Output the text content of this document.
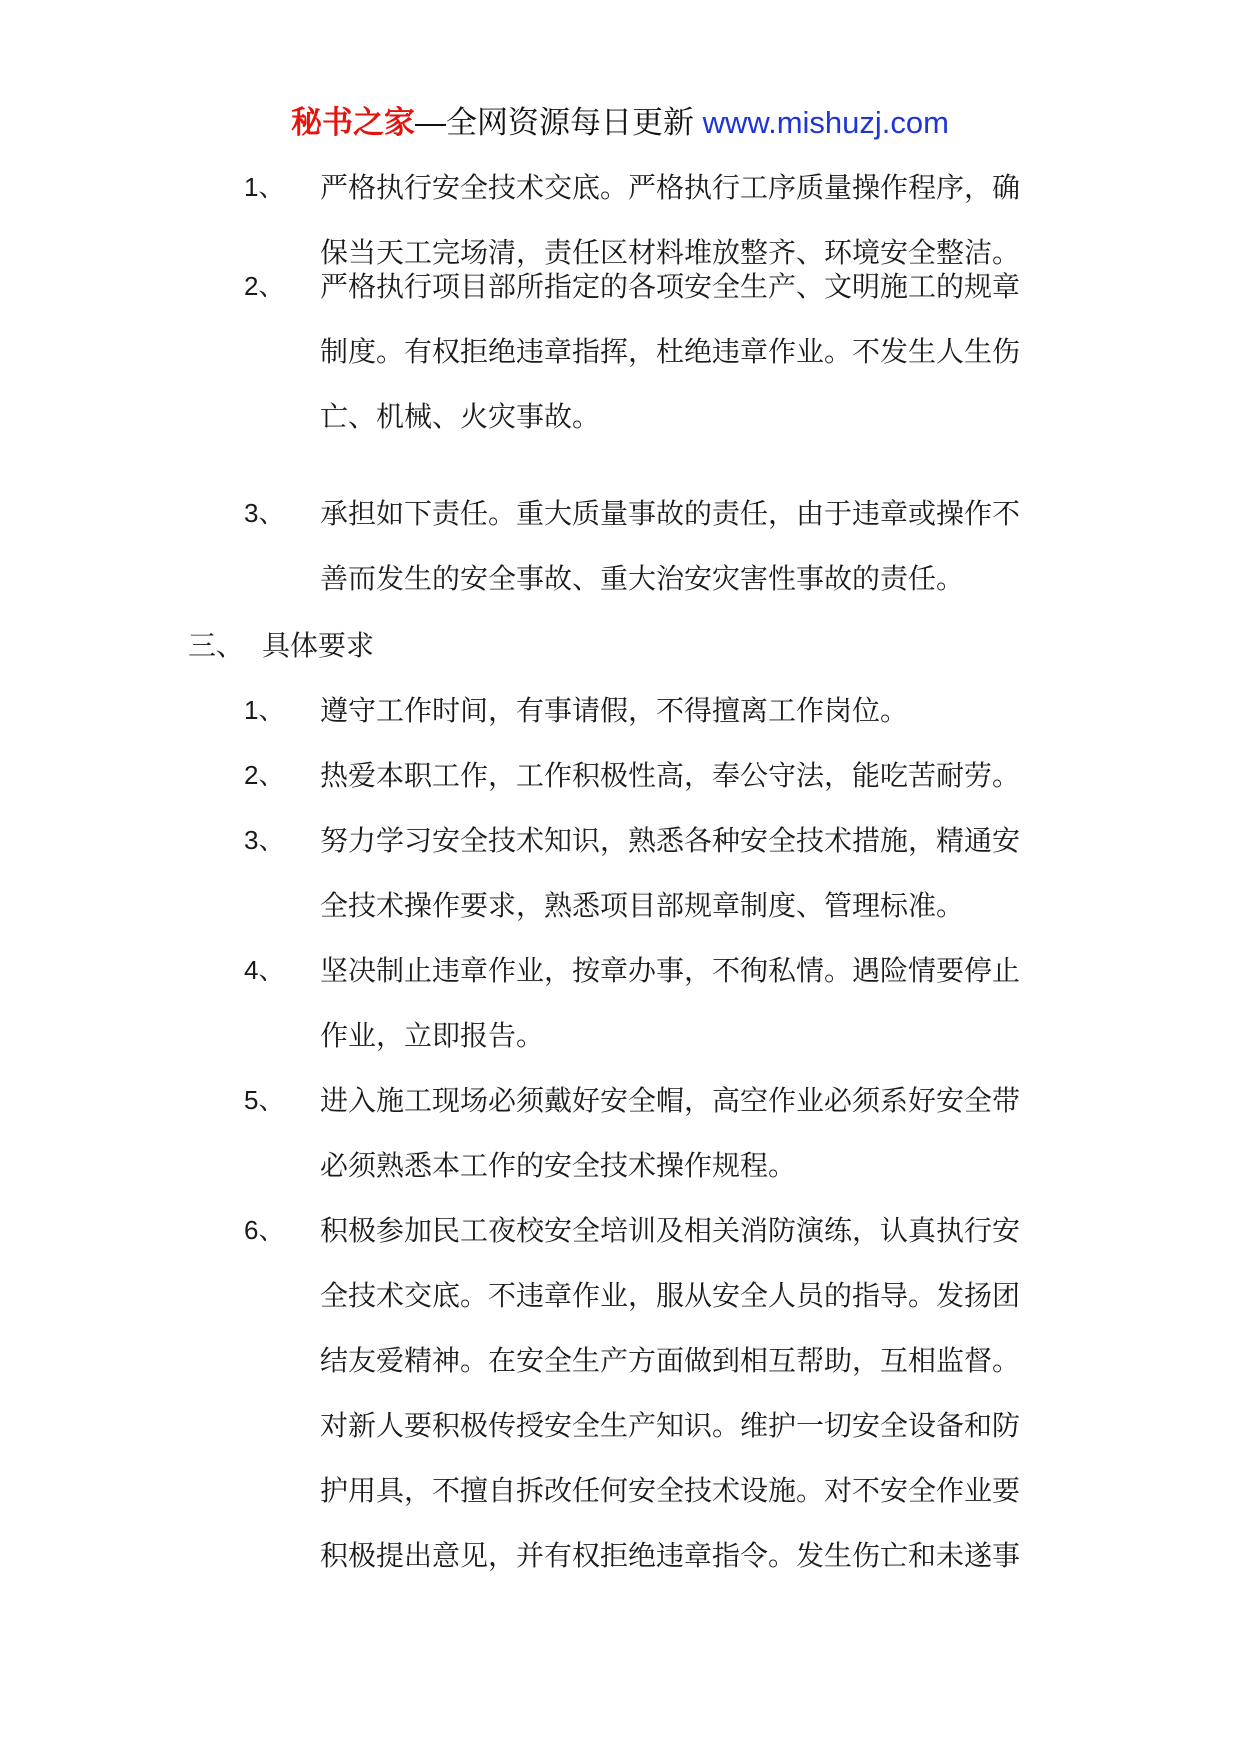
秘书之家—全网资源每日更新 www.mishuzj.com
1、 严格执行安全技术交底。严格执行工序质量操作程序，确
保当天工完场清，责任区材料堆放整齐、环境安全整洁。
2、 严格执行项目部所指定的各项安全生产、文明施工的规章
制度。有权拒绝违章指挥，杜绝违章作业。不发生人生伤
亡、机械、火灾事故。
3、 承担如下责任。重大质量事故的责任，由于违章或操作不
善而发生的安全事故、重大治安灾害性事故的责任。
三、 具体要求
1、 遵守工作时间，有事请假，不得擅离工作岗位。
2、 热爱本职工作，工作积极性高，奉公守法，能吃苦耐劳。
3、 努力学习安全技术知识，熟悉各种安全技术措施，精通安
全技术操作要求，熟悉项目部规章制度、管理标准。
4、 坚决制止违章作业，按章办事，不徇私情。遇险情要停止
作业，立即报告。
5、 进入施工现场必须戴好安全帽，高空作业必须系好安全带
必须熟悉本工作的安全技术操作规程。
6、 积极参加民工夜校安全培训及相关消防演练，认真执行安
全技术交底。不违章作业，服从安全人员的指导。发扬团
结友爱精神。在安全生产方面做到相互帮助，互相监督。
对新人要积极传授安全生产知识。维护一切安全设备和防
护用具，不擅自拆改任何安全技术设施。对不安全作业要
积极提出意见，并有权拒绝违章指令。发生伤亡和未遂事
